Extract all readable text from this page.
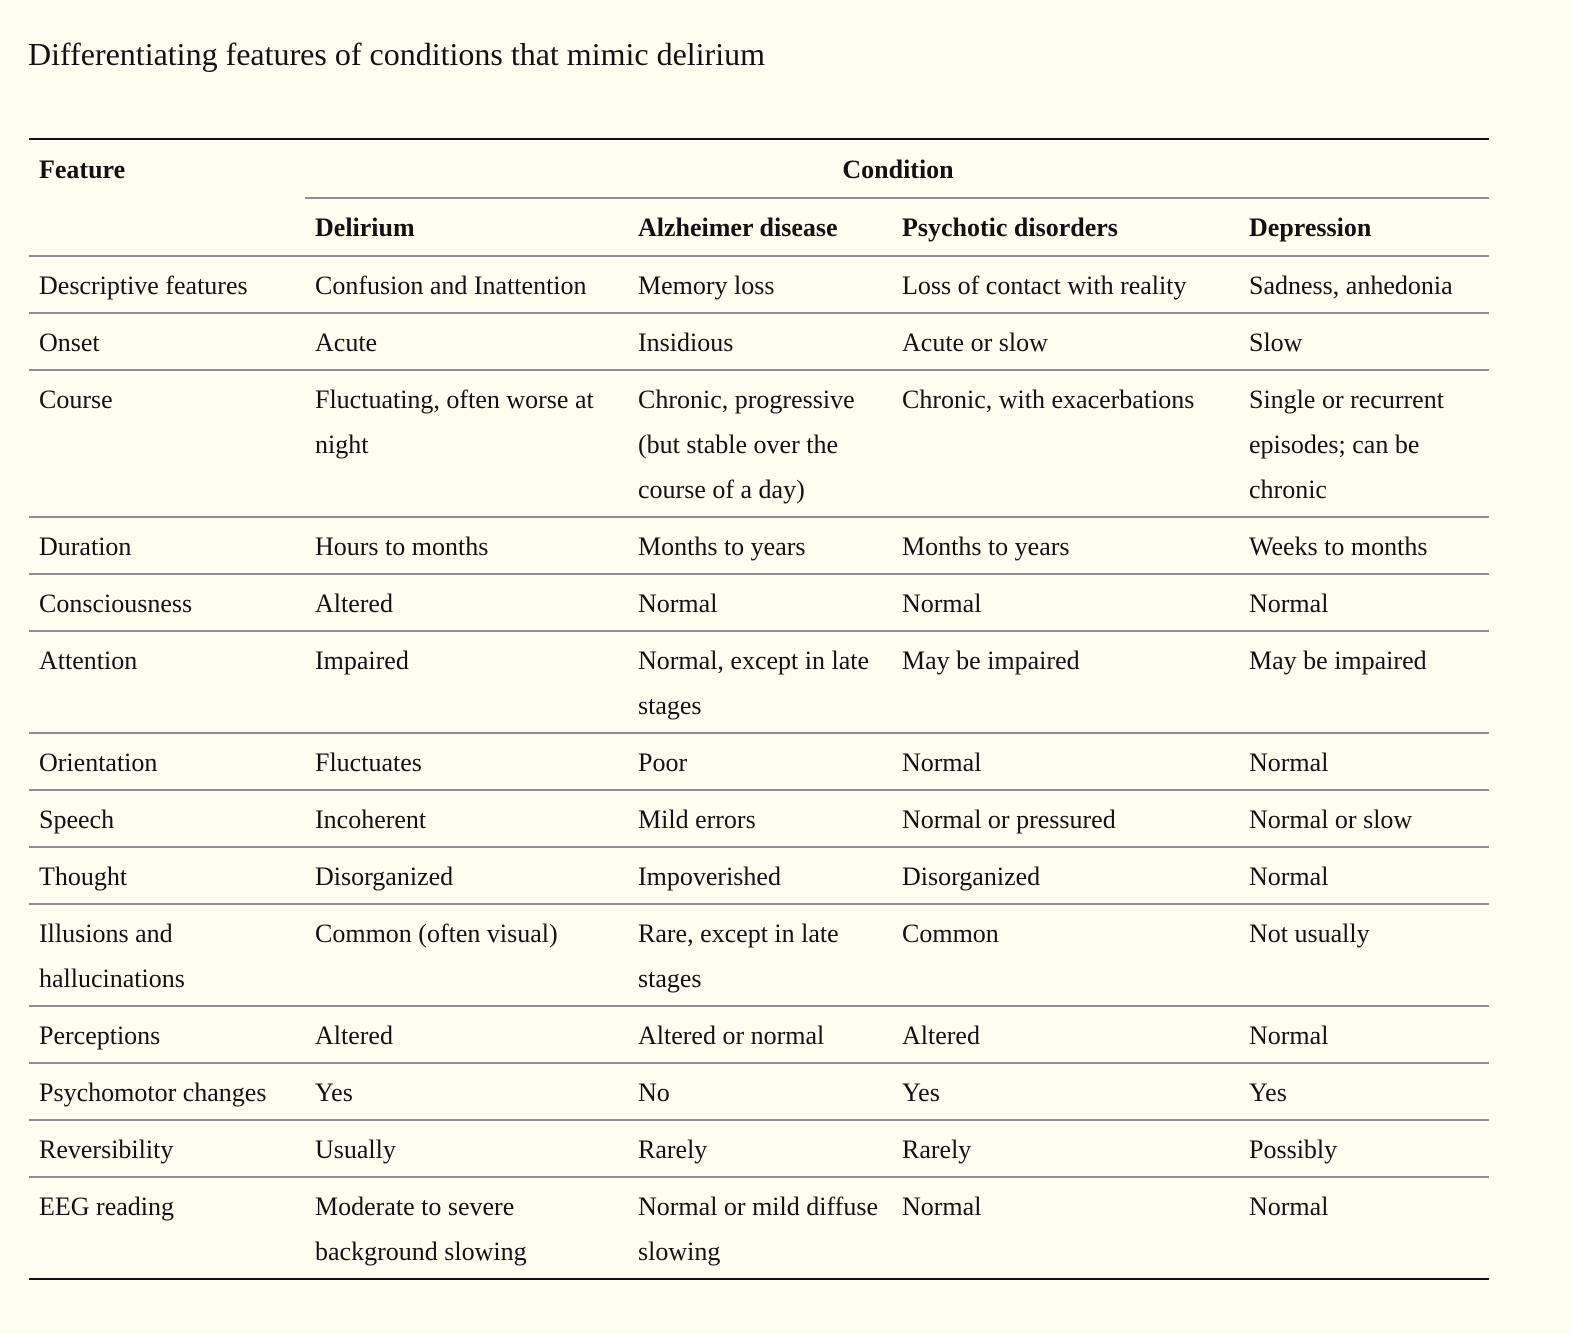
Differentiating features of conditions that mimic delirium
Feature	Condition			
	Delirium	Alzheimer disease	Psychotic disorders	Depression
Descriptive features	Confusion and Inattention	Memory loss	Loss of contact with reality	Sadness, anhedonia
Onset	Acute	Insidious	Acute or slow	Slow
Course	Fluctuating, often worse at night	Chronic, progressive (but stable over the course of a day)	Chronic, with exacerbations	Single or recurrent episodes; can be chronic
Duration	Hours to months	Months to years	Months to years	Weeks to months
Consciousness	Altered	Normal	Normal	Normal
Attention	Impaired	Normal, except in late stages	May be impaired	May be impaired
Orientation	Fluctuates	Poor	Normal	Normal
Speech	Incoherent	Mild errors	Normal or pressured	Normal or slow
Thought	Disorganized	Impoverished	Disorganized	Normal
Illusions and hallucinations	Common (often visual)	Rare, except in late stages	Common	Not usually
Perceptions	Altered	Altered or normal	Altered	Normal
Psychomotor changes	Yes	No	Yes	Yes
Reversibility	Usually	Rarely	Rarely	Possibly
EEG reading	Moderate to severe background slowing	Normal or mild diffuse slowing	Normal	Normal
